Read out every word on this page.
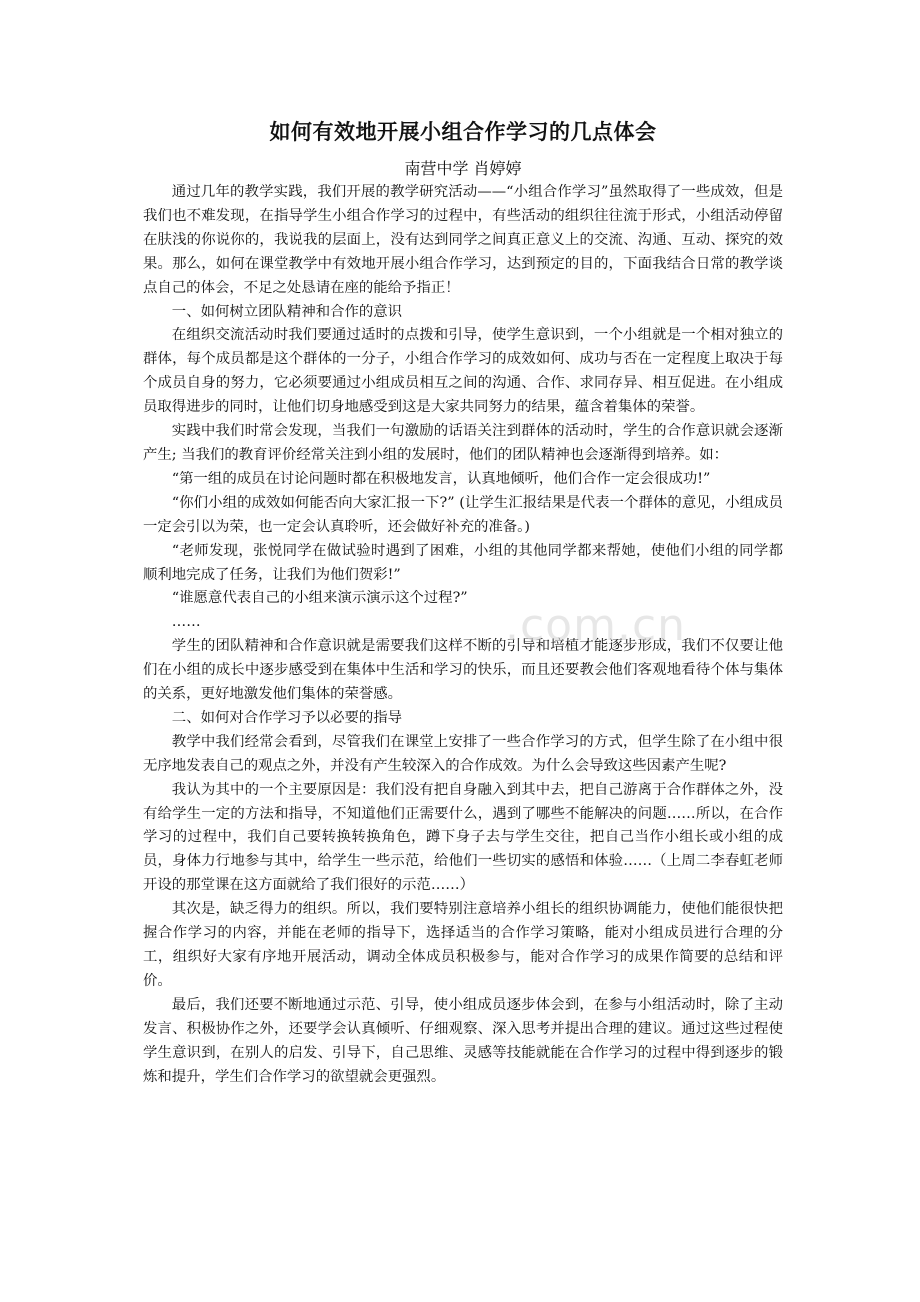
如何有效地开展小组合作学习的几点体会

南营中学 肖婷婷

通过几年的教学实践，我们开展的教学研究活动——“小组合作学习”虽然取得了一些成效，但是我们也不难发现，在指导学生小组合作学习的过程中，有些活动的组织往往流于形式，小组活动停留在肤浅的你说你的，我说我的层面上，没有达到同学之间真正意义上的交流、沟通、互动、探究的效果。那么，如何在课堂教学中有效地开展小组合作学习，达到预定的目的，下面我结合日常的教学谈点自己的体会，不足之处恳请在座的能给予指正！

一、如何树立团队精神和合作的意识

在组织交流活动时我们要通过适时的点拨和引导，使学生意识到，一个小组就是一个相对独立的群体，每个成员都是这个群体的一分子，小组合作学习的成效如何、成功与否在一定程度上取决于每个成员自身的努力，它必须要通过小组成员相互之间的沟通、合作、求同存异、相互促进。在小组成员取得进步的同时，让他们切身地感受到这是大家共同努力的结果，蕴含着集体的荣誉。

实践中我们时常会发现，当我们一句激励的话语关注到群体的活动时，学生的合作意识就会逐渐产生; 当我们的教育评价经常关注到小组的发展时，他们的团队精神也会逐渐得到培养。如：

“第一组的成员在讨论问题时都在积极地发言，认真地倾听，他们合作一定会很成功!”

“你们小组的成效如何能否向大家汇报一下?” (让学生汇报结果是代表一个群体的意见，小组成员一定会引以为荣，也一定会认真聆听，还会做好补充的准备。)

“老师发现，张悦同学在做试验时遇到了困难，小组的其他同学都来帮她，使他们小组的同学都顺利地完成了任务，让我们为他们贺彩!”

“谁愿意代表自己的小组来演示演示这个过程?”

……

学生的团队精神和合作意识就是需要我们这样不断的引导和培植才能逐步形成，我们不仅要让他们在小组的成长中逐步感受到在集体中生活和学习的快乐，而且还要教会他们客观地看待个体与集体的关系，更好地激发他们集体的荣誉感。

二、如何对合作学习予以必要的指导

教学中我们经常会看到，尽管我们在课堂上安排了一些合作学习的方式，但学生除了在小组中很无序地发表自己的观点之外，并没有产生较深入的合作成效。为什么会导致这些因素产生呢?

我认为其中的一个主要原因是：我们没有把自身融入到其中去，把自己游离于合作群体之外，没有给学生一定的方法和指导，不知道他们正需要什么，遇到了哪些不能解决的问题……所以，在合作学习的过程中，我们自己要转换转换角色，蹲下身子去与学生交往，把自己当作小组长或小组的成员，身体力行地参与其中，给学生一些示范，给他们一些切实的感悟和体验……（上周二李春虹老师开设的那堂课在这方面就给了我们很好的示范……）

其次是，缺乏得力的组织。所以，我们要特别注意培养小组长的组织协调能力，使他们能很快把握合作学习的内容，并能在老师的指导下，选择适当的合作学习策略，能对小组成员进行合理的分工，组织好大家有序地开展活动，调动全体成员积极参与，能对合作学习的成果作简要的总结和评价。

最后，我们还要不断地通过示范、引导，使小组成员逐步体会到，在参与小组活动时，除了主动发言、积极协作之外，还要学会认真倾听、仔细观察、深入思考并提出合理的建议。通过这些过程使学生意识到，在别人的启发、引导下，自己思维、灵感等技能就能在合作学习的过程中得到逐步的锻炼和提升，学生们合作学习的欲望就会更强烈。

.com.cn
